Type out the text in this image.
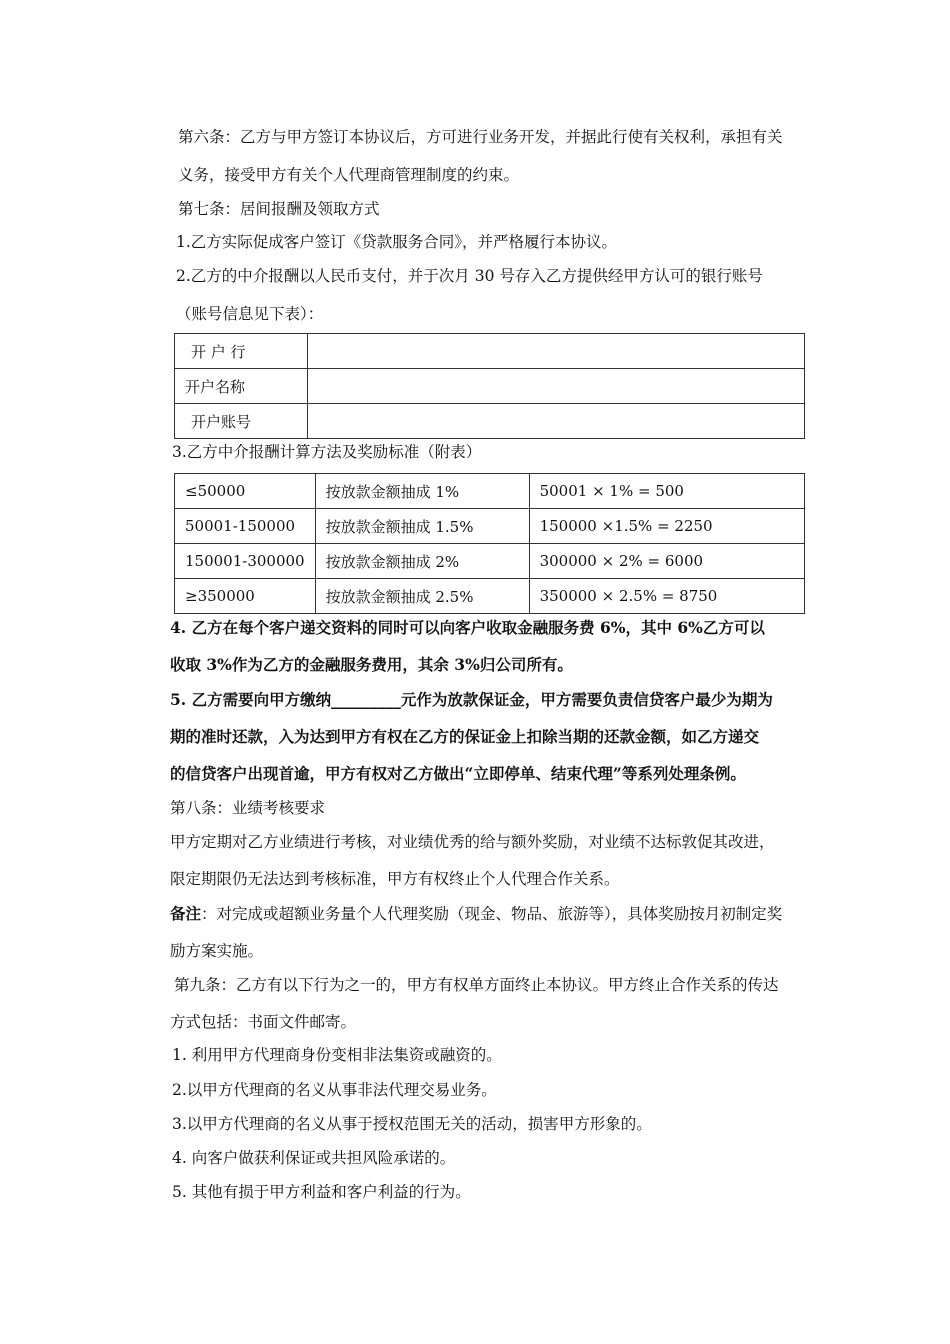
第六条：乙方与甲方签订本协议后，方可进行业务开发，并据此行使有关权利，承担有关
义务，接受甲方有关个人代理商管理制度的约束。
第七条：居间报酬及领取方式
1.乙方实际促成客户签订《贷款服务合同》，并严格履行本协议。
2.乙方的中介报酬以人民币支付，并于次月 30 号存入乙方提供经甲方认可的银行账号
（账号信息见下表）：
开 户 行	
开户名称	
开户账号	
3.乙方中介报酬计算方法及奖励标准（附表）
≤50000	按放款金额抽成 1%	50001 × 1% = 500
50001-150000	按放款金额抽成 1.5%	150000 ×1.5% = 2250
150001-300000	按放款金额抽成 2%	300000 × 2% = 6000
≥350000	按放款金额抽成 2.5%	350000 × 2.5% = 8750
4. 乙方在每个客户递交资料的同时可以向客户收取金融服务费 6%，其中 6%乙方可以
收取 3%作为乙方的金融服务费用，其余 3%归公司所有。
5. 乙方需要向甲方缴纳_________元作为放款保证金，甲方需要负责信贷客户最少为期为
期的准时还款，入为达到甲方有权在乙方的保证金上扣除当期的还款金额，如乙方递交
的信贷客户出现首逾，甲方有权对乙方做出“立即停单、结束代理”等系列处理条例。
第八条：业绩考核要求
甲方定期对乙方业绩进行考核，对业绩优秀的给与额外奖励，对业绩不达标敦促其改进，
限定期限仍无法达到考核标准，甲方有权终止个人代理合作关系。
备注：对完成或超额业务量个人代理奖励（现金、物品、旅游等），具体奖励按月初制定奖
励方案实施。
第九条：乙方有以下行为之一的，甲方有权单方面终止本协议。甲方终止合作关系的传达
方式包括：书面文件邮寄。
1. 利用甲方代理商身份变相非法集资或融资的。
2.以甲方代理商的名义从事非法代理交易业务。
3.以甲方代理商的名义从事于授权范围无关的活动，损害甲方形象的。
4. 向客户做获利保证或共担风险承诺的。
5. 其他有损于甲方利益和客户利益的行为。
